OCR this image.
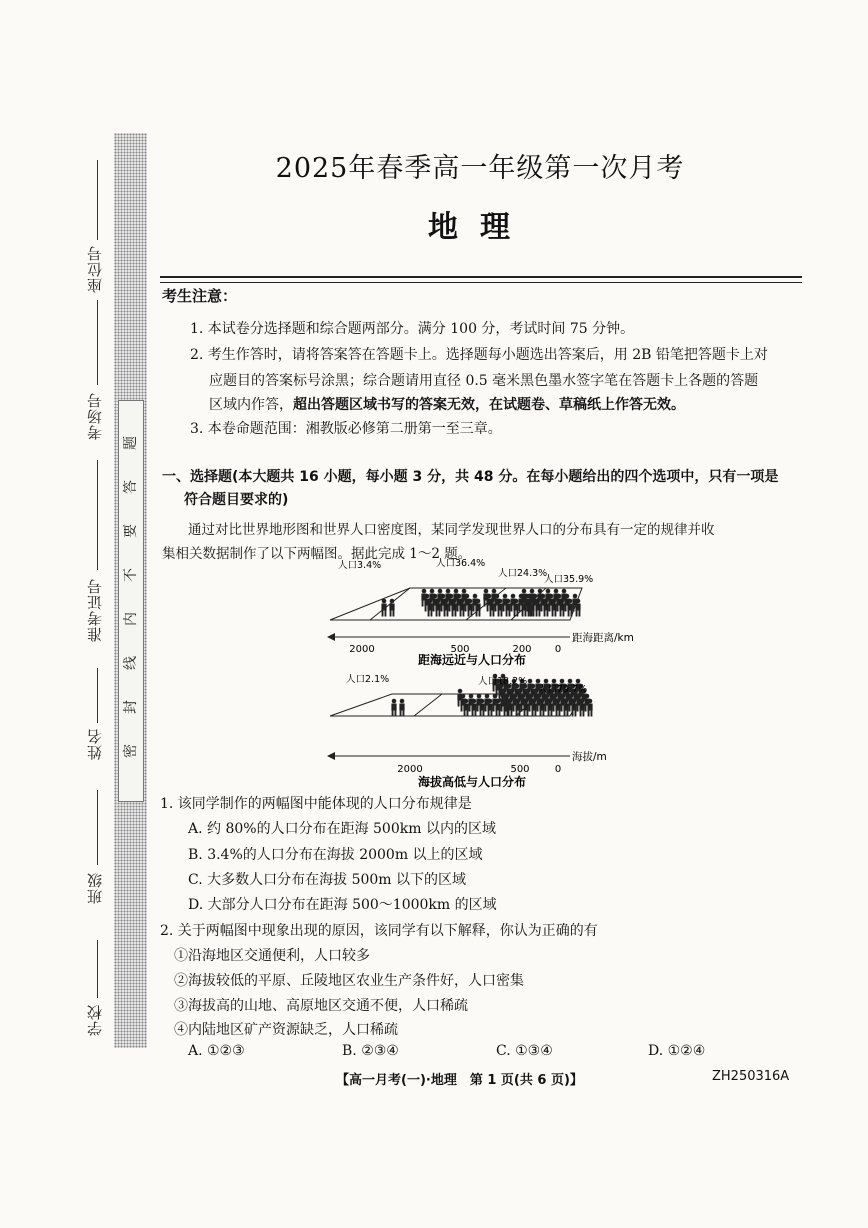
题
答
要
不
内
线
封
密
座位号
考场号
准考证号
姓名
班级
学校
2025年春季高一年级第一次月考
地理
考生注意：
1. 本试卷分选择题和综合题两部分。满分 100 分，考试时间 75 分钟。
2. 考生作答时，请将答案答在答题卡上。选择题每小题选出答案后，用 2B 铅笔把答题卡上对
应题目的答案标号涂黑；综合题请用直径 0.5 毫米黑色墨水签字笔在答题卡上各题的答题
区域内作答，超出答题区域书写的答案无效，在试题卷、草稿纸上作答无效。
3. 本卷命题范围：湘教版必修第二册第一至三章。
一、选择题(本大题共 16 小题，每小题 3 分，共 48 分。在每小题给出的四个选项中，只有一项是
符合题目要求的)
通过对比世界地形图和世界人口密度图，某同学发现世界人口的分布具有一定的规律并收
集相关数据制作了以下两幅图。据此完成 1～2 题。
人口3.4%	人口36.4%
人口24.3%
人口35.9%
2000	500	200 0
距海距离/km
距海远近与人口分布
人口2.1%	人口18.2%
人口79.7%
2000	500	0
海拔/m
海拔高低与人口分布
1. 该同学制作的两幅图中能体现的人口分布规律是
A. 约 80%的人口分布在距海 500km 以内的区域
B. 3.4%的人口分布在海拔 2000m 以上的区域
C. 大多数人口分布在海拔 500m 以下的区域
D. 大部分人口分布在距海 500～1000km 的区域
2. 关于两幅图中现象出现的原因，该同学有以下解释，你认为正确的有
①沿海地区交通便利，人口较多
②海拔较低的平原、丘陵地区农业生产条件好，人口密集
③海拔高的山地、高原地区交通不便，人口稀疏
④内陆地区矿产资源缺乏，人口稀疏
A. ①②③	B. ②③④	C. ①③④	D. ①②④
【高一月考(一)·地理　第 1 页(共 6 页)】	ZH250316A
